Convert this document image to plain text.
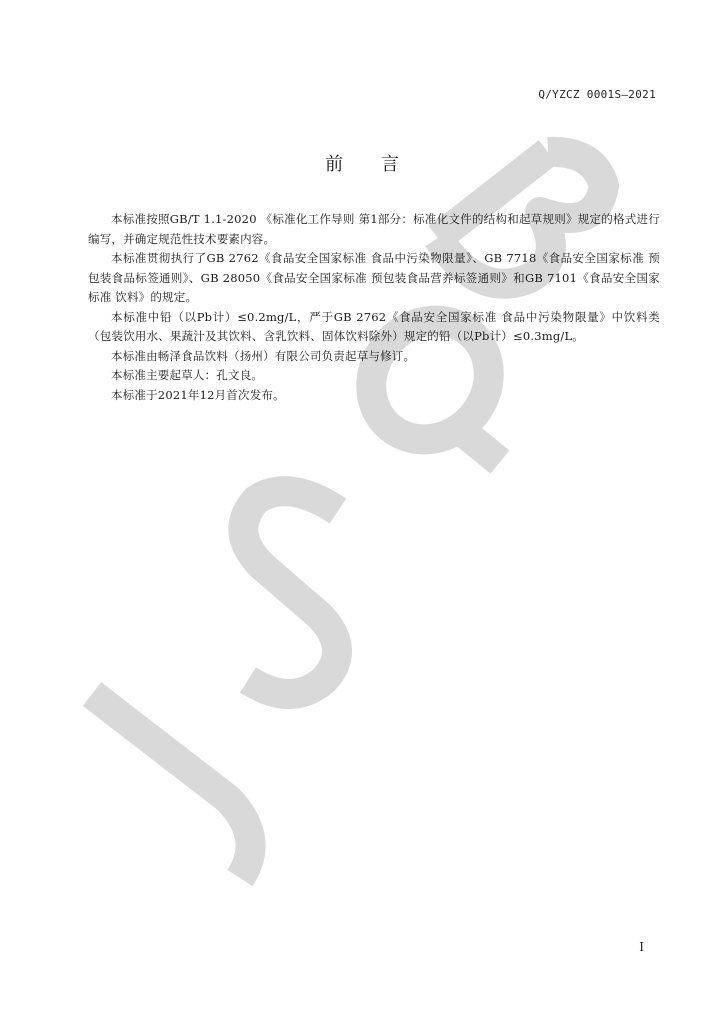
Q/YZCZ 0001S—2021
前 言

本标准按照GB/T 1.1-2020 《标准化工作导则 第1部分：标准化文件的结构和起草规则》规定的格式进行编写，并确定规范性技术要素内容。

本标准贯彻执行了GB 2762《食品安全国家标准 食品中污染物限量》、GB 7718《食品安全国家标准 预包装食品标签通则》、GB 28050《食品安全国家标准 预包装食品营养标签通则》和GB 7101《食品安全国家标准 饮料》的规定。

本标准中铅（以Pb计）≤0.2mg/L，严于GB 2762《食品安全国家标准 食品中污染物限量》中饮料类（包装饮用水、果蔬汁及其饮料、含乳饮料、固体饮料除外）规定的铅（以Pb计）≤0.3mg/L。

本标准由畅泽食品饮料（扬州）有限公司负责起草与修订。

本标准主要起草人：孔文良。

本标准于2021年12月首次发布。

I
